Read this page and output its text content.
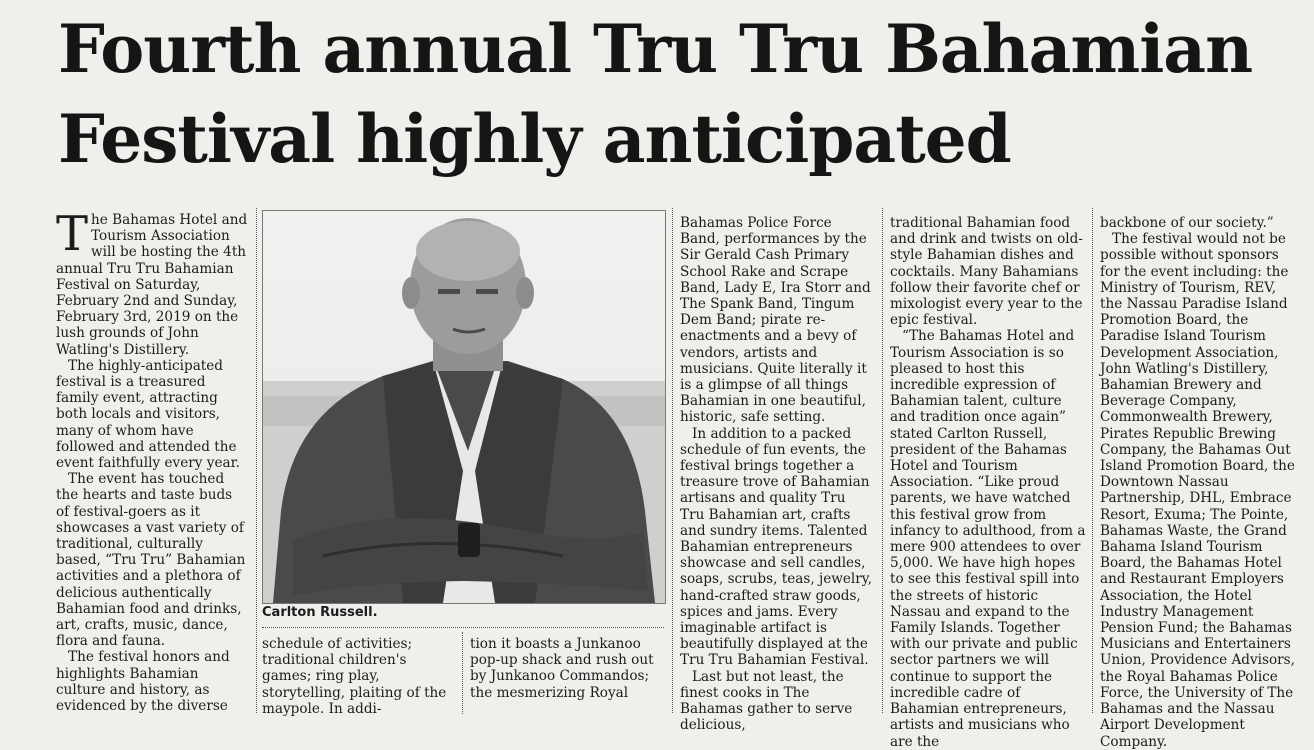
Fourth annual Tru Tru Bahamian
Festival highly anticipated

The Bahamas Hotel and Tourism Association will be hosting the 4th annual Tru Tru Bahamian Festival on Saturday, February 2nd and Sunday, February 3rd, 2019 on the lush grounds of John Watling's Distillery.

The highly-anticipated festival is a treasured family event, attracting both locals and visitors, many of whom have followed and attended the event faithfully every year.

The event has touched the hearts and taste buds of festival-goers as it showcases a vast variety of traditional, culturally based, “Tru Tru” Bahamian activities and a plethora of delicious authentically Bahamian food and drinks, art, crafts, music, dance, flora and fauna.

The festival honors and highlights Bahamian culture and history, as evidenced by the diverse

Carlton Russell.

schedule of activities; traditional children's games; ring play, storytelling, plaiting of the maypole. In addi-

tion it boasts a Junkanoo pop-up shack and rush out by Junkanoo Commandos; the mesmerizing Royal

Bahamas Police Force Band, performances by the Sir Gerald Cash Primary School Rake and Scrape Band, Lady E, Ira Storr and The Spank Band, Tingum Dem Band; pirate re-enactments and a bevy of vendors, artists and musicians. Quite literally it is a glimpse of all things Bahamian in one beautiful, historic, safe setting.

In addition to a packed schedule of fun events, the festival brings together a treasure trove of Bahamian artisans and quality Tru Tru Bahamian art, crafts and sundry items. Talented Bahamian entrepreneurs showcase and sell candles, soaps, scrubs, teas, jewelry, hand-crafted straw goods, spices and jams. Every imaginable artifact is beautifully displayed at the Tru Tru Bahamian Festival.

Last but not least, the finest cooks in The Bahamas gather to serve delicious,

traditional Bahamian food and drink and twists on old-style Bahamian dishes and cocktails. Many Bahamians follow their favorite chef or mixologist every year to the epic festival.

“The Bahamas Hotel and Tourism Association is so pleased to host this incredible expression of Bahamian talent, culture and tradition once again” stated Carlton Russell, president of the Bahamas Hotel and Tourism Association. “Like proud parents, we have watched this festival grow from infancy to adulthood, from a mere 900 attendees to over 5,000. We have high hopes to see this festival spill into the streets of historic Nassau and expand to the Family Islands. Together with our private and public sector partners we will continue to support the incredible cadre of Bahamian entrepreneurs, artists and musicians who are the

backbone of our society.”

The festival would not be possible without sponsors for the event including: the Ministry of Tourism, REV, the Nassau Paradise Island Promotion Board, the Paradise Island Tourism Development Association, John Watling's Distillery, Bahamian Brewery and Beverage Company, Commonwealth Brewery, Pirates Republic Brewing Company, the Bahamas Out Island Promotion Board, the Downtown Nassau Partnership, DHL, Embrace Resort, Exuma; The Pointe, Bahamas Waste, the Grand Bahama Island Tourism Board, the Bahamas Hotel and Restaurant Employers Association, the Hotel Industry Management Pension Fund; the Bahamas Musicians and Entertainers Union, Providence Advisors, the Royal Bahamas Police Force, the University of The Bahamas and the Nassau Airport Development Company.
